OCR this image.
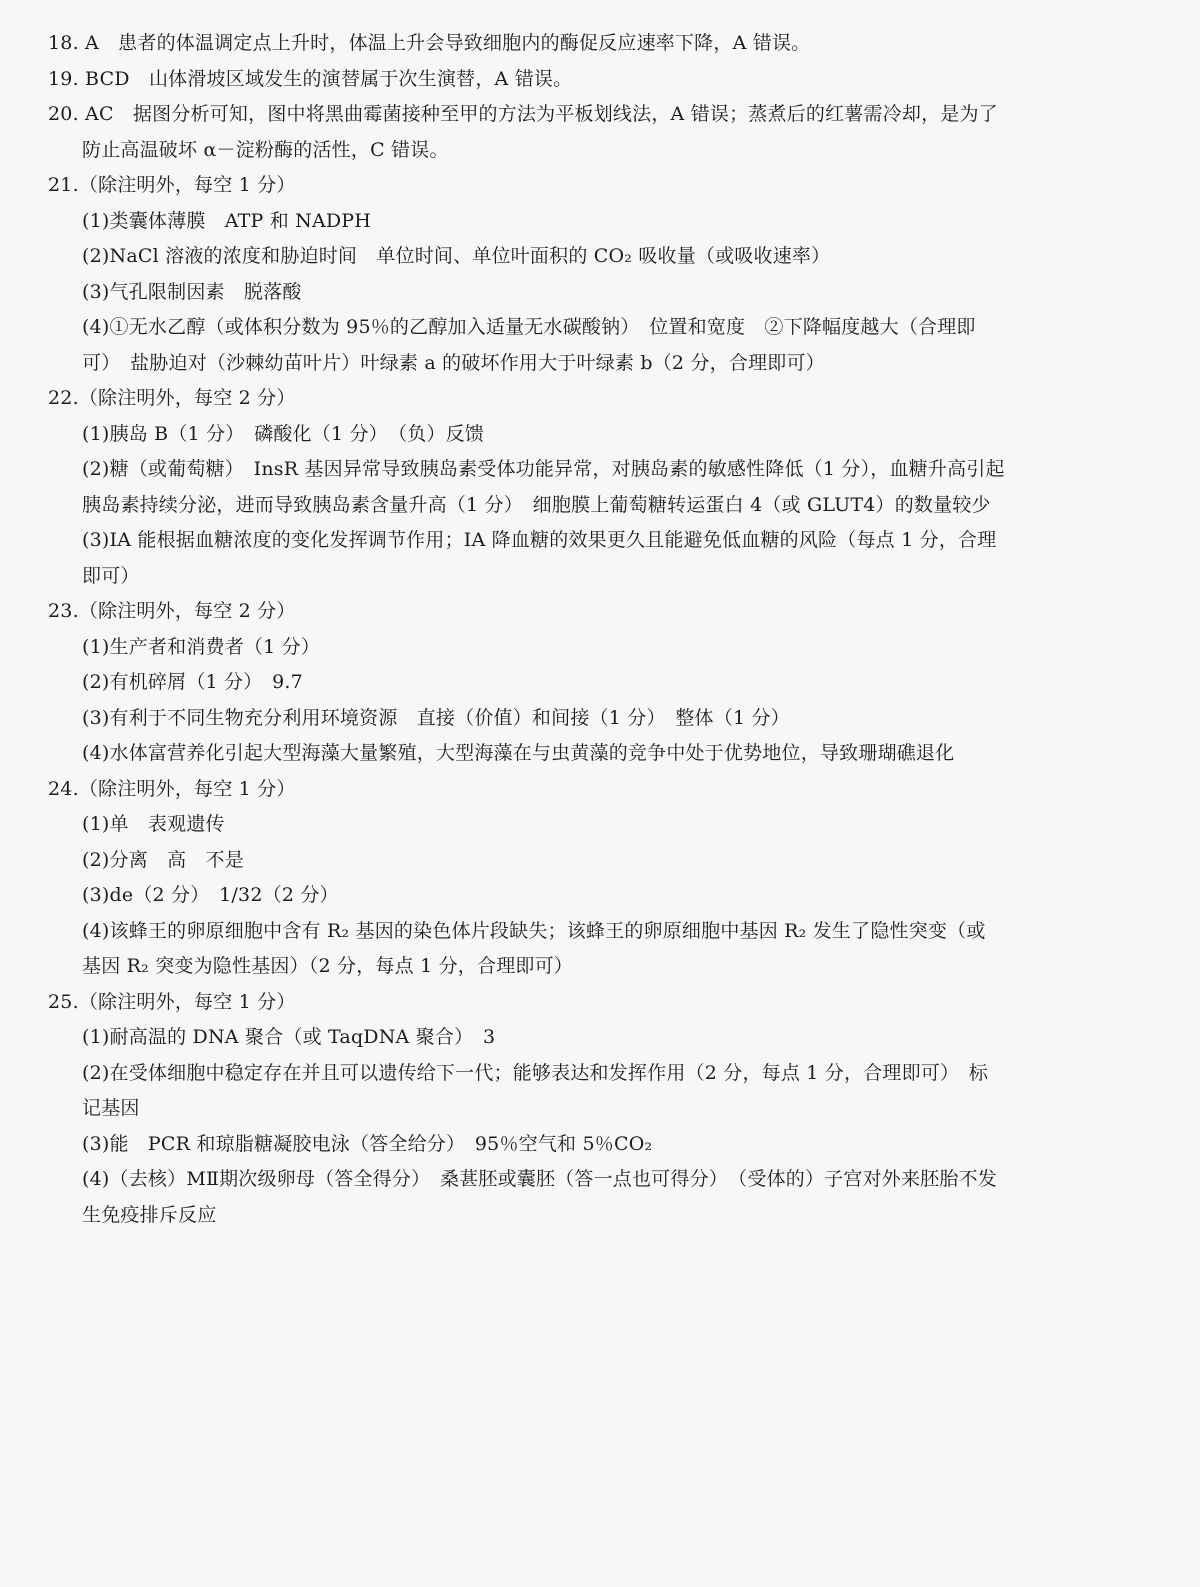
18. A　患者的体温调定点上升时，体温上升会导致细胞内的酶促反应速率下降，A 错误。
19. BCD　山体滑坡区域发生的演替属于次生演替，A 错误。
20. AC　据图分析可知，图中将黑曲霉菌接种至甲的方法为平板划线法，A 错误；蒸煮后的红薯需冷却，是为了
防止高温破坏 α－淀粉酶的活性，C 错误。
21.（除注明外，每空 1 分）
(1)类囊体薄膜　ATP 和 NADPH
(2)NaCl 溶液的浓度和胁迫时间　单位时间、单位叶面积的 CO₂ 吸收量（或吸收速率）
(3)气孔限制因素　脱落酸
(4)①无水乙醇（或体积分数为 95％的乙醇加入适量无水碳酸钠）　位置和宽度　②下降幅度越大（合理即
可）　盐胁迫对（沙棘幼苗叶片）叶绿素 a 的破坏作用大于叶绿素 b（2 分，合理即可）
22.（除注明外，每空 2 分）
(1)胰岛 B（1 分）　磷酸化（1 分）　（负）反馈
(2)糖（或葡萄糖）　InsR 基因异常导致胰岛素受体功能异常，对胰岛素的敏感性降低（1 分），血糖升高引起
胰岛素持续分泌，进而导致胰岛素含量升高（1 分）　细胞膜上葡萄糖转运蛋白 4（或 GLUT4）的数量较少
(3)IA 能根据血糖浓度的变化发挥调节作用；IA 降血糖的效果更久且能避免低血糖的风险（每点 1 分，合理
即可）
23.（除注明外，每空 2 分）
(1)生产者和消费者（1 分）
(2)有机碎屑（1 分）　9.7
(3)有利于不同生物充分利用环境资源　直接（价值）和间接（1 分）　整体（1 分）
(4)水体富营养化引起大型海藻大量繁殖，大型海藻在与虫黄藻的竞争中处于优势地位，导致珊瑚礁退化
24.（除注明外，每空 1 分）
(1)单　表观遗传
(2)分离　高　不是
(3)de（2 分）　1/32（2 分）
(4)该蜂王的卵原细胞中含有 R₂ 基因的染色体片段缺失；该蜂王的卵原细胞中基因 R₂ 发生了隐性突变（或
基因 R₂ 突变为隐性基因）（2 分，每点 1 分，合理即可）
25.（除注明外，每空 1 分）
(1)耐高温的 DNA 聚合（或 TaqDNA 聚合）　3
(2)在受体细胞中稳定存在并且可以遗传给下一代；能够表达和发挥作用（2 分，每点 1 分，合理即可）　标
记基因
(3)能　PCR 和琼脂糖凝胶电泳（答全给分）　95％空气和 5％CO₂
(4)（去核）MⅡ期次级卵母（答全得分）　桑葚胚或囊胚（答一点也可得分）　（受体的）子宫对外来胚胎不发
生免疫排斥反应
